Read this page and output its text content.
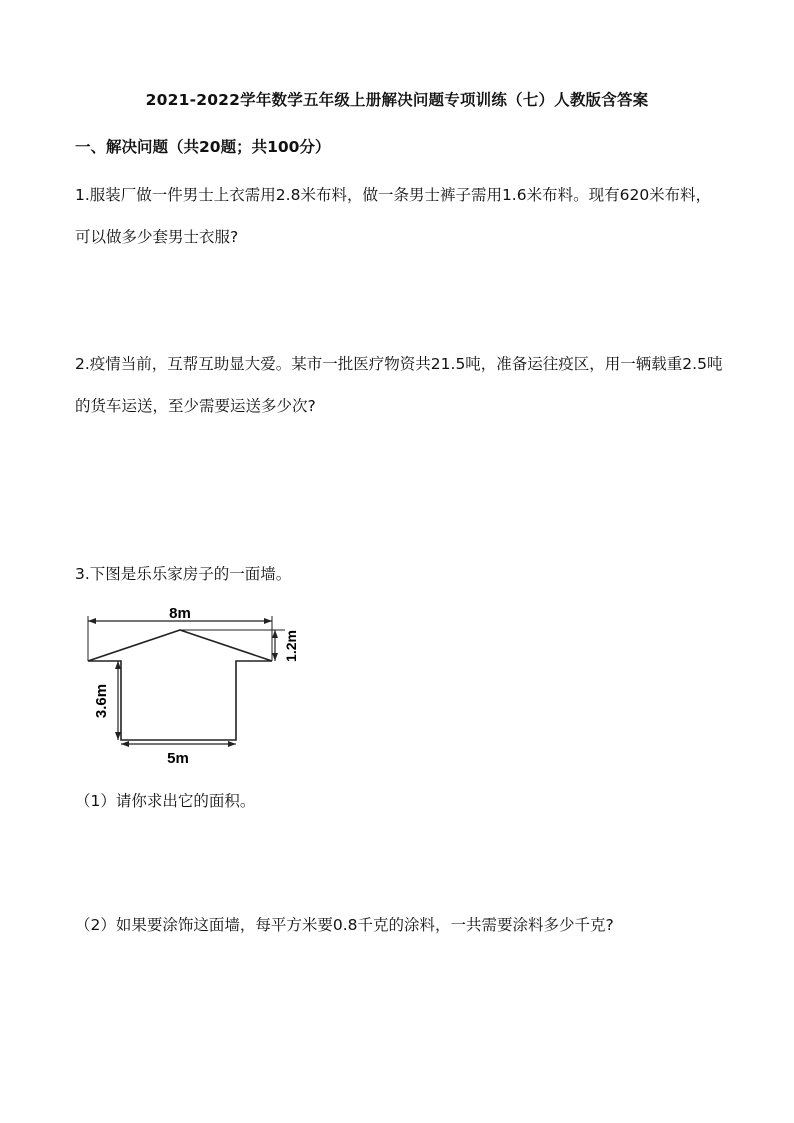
2021-2022学年数学五年级上册解决问题专项训练（七）人教版含答案
一、解决问题（共20题；共100分）
1.服装厂做一件男士上衣需用2.8米布料，做一条男士裤子需用1.6米布料。现有620米布料，可以做多少套男士衣服?
2.疫情当前，互帮互助显大爱。某市一批医疗物资共21.5吨，准备运往疫区，用一辆载重2.5吨的货车运送，至少需要运送多少次?
3.下图是乐乐家房子的一面墙。
8m
1.2m
3.6m
5m
（1）请你求出它的面积。
（2）如果要涂饰这面墙，每平方米要0.8千克的涂料，一共需要涂料多少千克?
